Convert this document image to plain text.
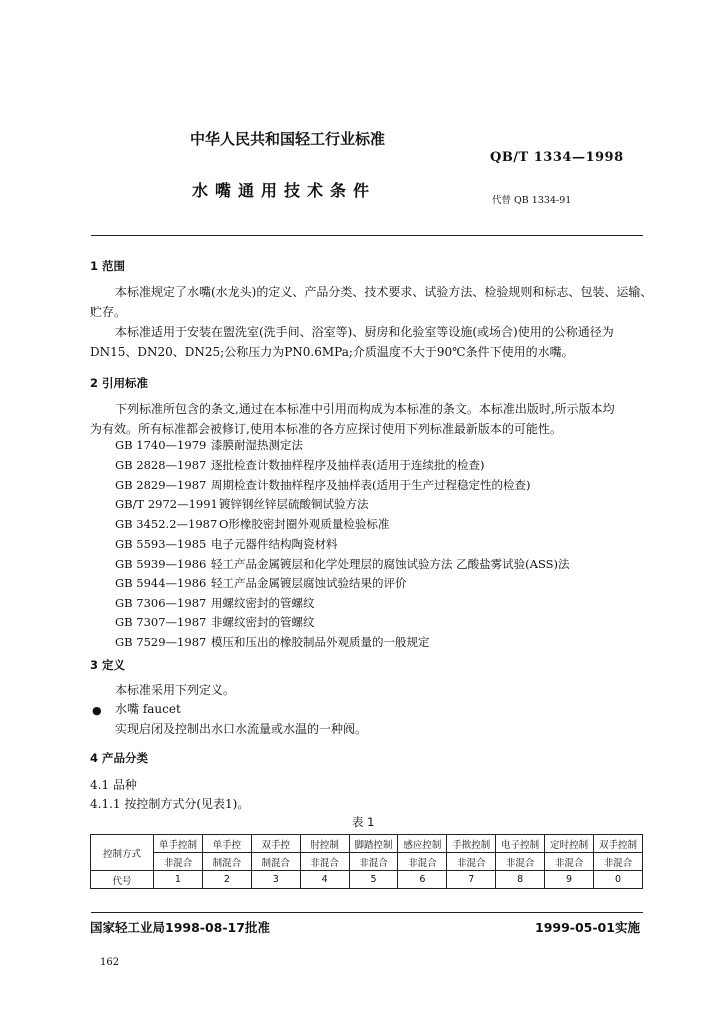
中华人民共和国轻工行业标准
QB/T 1334—1998
水嘴通用技术条件
代替 QB 1334-91
1 范围
本标准规定了水嘴(水龙头)的定义、产品分类、技术要求、试验方法、检验规则和标志、包装、运输、
贮存。
本标准适用于安装在盥洗室(洗手间、浴室等)、厨房和化验室等设施(或场合)使用的公称通径为
DN15、DN20、DN25;公称压力为PN0.6MPa;介质温度不大于90℃条件下使用的水嘴。
2 引用标准
下列标准所包含的条文,通过在本标准中引用而构成为本标准的条文。本标准出版时,所示版本均
为有效。所有标准都会被修订,使用本标准的各方应探讨使用下列标准最新版本的可能性。
GB 1740—1979 漆膜耐湿热测定法
GB 2828—1987 逐批检查计数抽样程序及抽样表(适用于连续批的检查)
GB 2829—1987 周期检查计数抽样程序及抽样表(适用于生产过程稳定性的检查)
GB/T 2972—1991镀锌钢丝锌层硫酸铜试验方法
GB 3452.2—1987 O形橡胶密封圈外观质量检验标准
GB 5593—1985 电子元器件结构陶瓷材料
GB 5939—1986 轻工产品金属镀层和化学处理层的腐蚀试验方法 乙酸盐雾试验(ASS)法
GB 5944—1986 轻工产品金属镀层腐蚀试验结果的评价
GB 7306—1987 用螺纹密封的管螺纹
GB 7307—1987 非螺纹密封的管螺纹
GB 7529—1987 模压和压出的橡胶制品外观质量的一般规定
3 定义
本标准采用下列定义。
● 水嘴 faucet
实现启闭及控制出水口水流量或水温的一种阀。
4 产品分类
4.1 品种
4.1.1 按控制方式分(见表1)。
表 1
控制方式	单手控制	单手控	双手控	肘控制	脚踏控制	感应控制	手揿控制	电子控制	定时控制	双手控制
	非混合	制混合	制混合	非混合	非混合	非混合	非混合	非混合	非混合	非混合
代号	1	2	3	4	5	6	7	8	9	0
国家轻工业局1998-08-17批准	1999-05-01实施
162
